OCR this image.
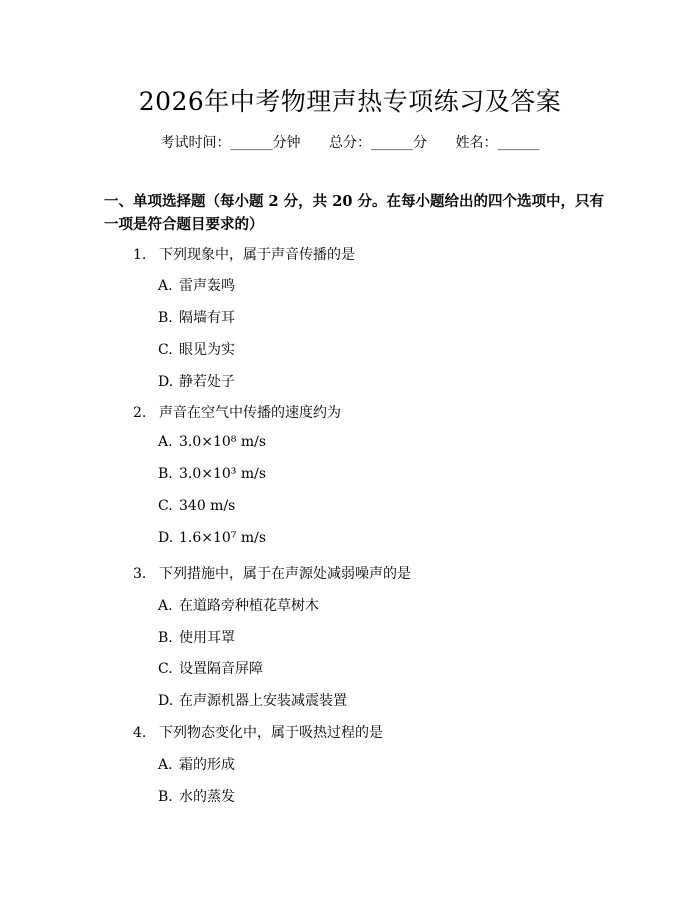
2026年中考物理声热专项练习及答案
考试时间：______分钟 总分：______分 姓名：______
一、单项选择题（每小题 2 分，共 20 分。在每小题给出的四个选项中，只有一项是符合题目要求的）
1. 下列现象中，属于声音传播的是
A. 雷声轰鸣
B. 隔墙有耳
C. 眼见为实
D. 静若处子
2. 声音在空气中传播的速度约为
A. 3.0×10⁸ m/s
B. 3.0×10³ m/s
C. 340 m/s
D. 1.6×10⁷ m/s
3. 下列措施中，属于在声源处减弱噪声的是
A. 在道路旁种植花草树木
B. 使用耳罩
C. 设置隔音屏障
D. 在声源机器上安装减震装置
4. 下列物态变化中，属于吸热过程的是
A. 霜的形成
B. 水的蒸发
